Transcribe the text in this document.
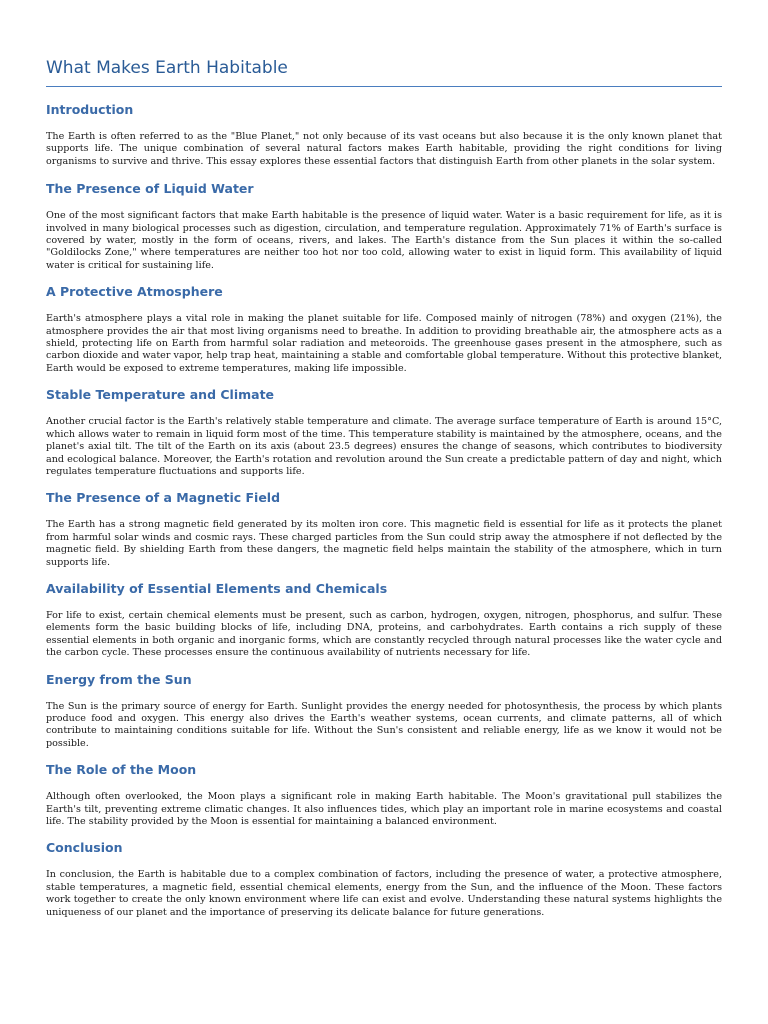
What Makes Earth Habitable
Introduction

The Earth is often referred to as the "Blue Planet," not only because of its vast oceans but also because it is the only known planet that supports life. The unique combination of several natural factors makes Earth habitable, providing the right conditions for living organisms to survive and thrive. This essay explores these essential factors that distinguish Earth from other planets in the solar system.

The Presence of Liquid Water

One of the most significant factors that make Earth habitable is the presence of liquid water. Water is a basic requirement for life, as it is involved in many biological processes such as digestion, circulation, and temperature regulation. Approximately 71% of Earth's surface is covered by water, mostly in the form of oceans, rivers, and lakes. The Earth's distance from the Sun places it within the so-called "Goldilocks Zone," where temperatures are neither too hot nor too cold, allowing water to exist in liquid form. This availability of liquid water is critical for sustaining life.

A Protective Atmosphere

Earth's atmosphere plays a vital role in making the planet suitable for life. Composed mainly of nitrogen (78%) and oxygen (21%), the atmosphere provides the air that most living organisms need to breathe. In addition to providing breathable air, the atmosphere acts as a shield, protecting life on Earth from harmful solar radiation and meteoroids. The greenhouse gases present in the atmosphere, such as carbon dioxide and water vapor, help trap heat, maintaining a stable and comfortable global temperature. Without this protective blanket, Earth would be exposed to extreme temperatures, making life impossible.

Stable Temperature and Climate

Another crucial factor is the Earth's relatively stable temperature and climate. The average surface temperature of Earth is around 15°C, which allows water to remain in liquid form most of the time. This temperature stability is maintained by the atmosphere, oceans, and the planet's axial tilt. The tilt of the Earth on its axis (about 23.5 degrees) ensures the change of seasons, which contributes to biodiversity and ecological balance. Moreover, the Earth's rotation and revolution around the Sun create a predictable pattern of day and night, which regulates temperature fluctuations and supports life.

The Presence of a Magnetic Field

The Earth has a strong magnetic field generated by its molten iron core. This magnetic field is essential for life as it protects the planet from harmful solar winds and cosmic rays. These charged particles from the Sun could strip away the atmosphere if not deflected by the magnetic field. By shielding Earth from these dangers, the magnetic field helps maintain the stability of the atmosphere, which in turn supports life.

Availability of Essential Elements and Chemicals

For life to exist, certain chemical elements must be present, such as carbon, hydrogen, oxygen, nitrogen, phosphorus, and sulfur. These elements form the basic building blocks of life, including DNA, proteins, and carbohydrates. Earth contains a rich supply of these essential elements in both organic and inorganic forms, which are constantly recycled through natural processes like the water cycle and the carbon cycle. These processes ensure the continuous availability of nutrients necessary for life.

Energy from the Sun

The Sun is the primary source of energy for Earth. Sunlight provides the energy needed for photosynthesis, the process by which plants produce food and oxygen. This energy also drives the Earth's weather systems, ocean currents, and climate patterns, all of which contribute to maintaining conditions suitable for life. Without the Sun's consistent and reliable energy, life as we know it would not be possible.

The Role of the Moon

Although often overlooked, the Moon plays a significant role in making Earth habitable. The Moon's gravitational pull stabilizes the Earth's tilt, preventing extreme climatic changes. It also influences tides, which play an important role in marine ecosystems and coastal life. The stability provided by the Moon is essential for maintaining a balanced environment.

Conclusion

In conclusion, the Earth is habitable due to a complex combination of factors, including the presence of water, a protective atmosphere, stable temperatures, a magnetic field, essential chemical elements, energy from the Sun, and the influence of the Moon. These factors work together to create the only known environment where life can exist and evolve. Understanding these natural systems highlights the uniqueness of our planet and the importance of preserving its delicate balance for future generations.
